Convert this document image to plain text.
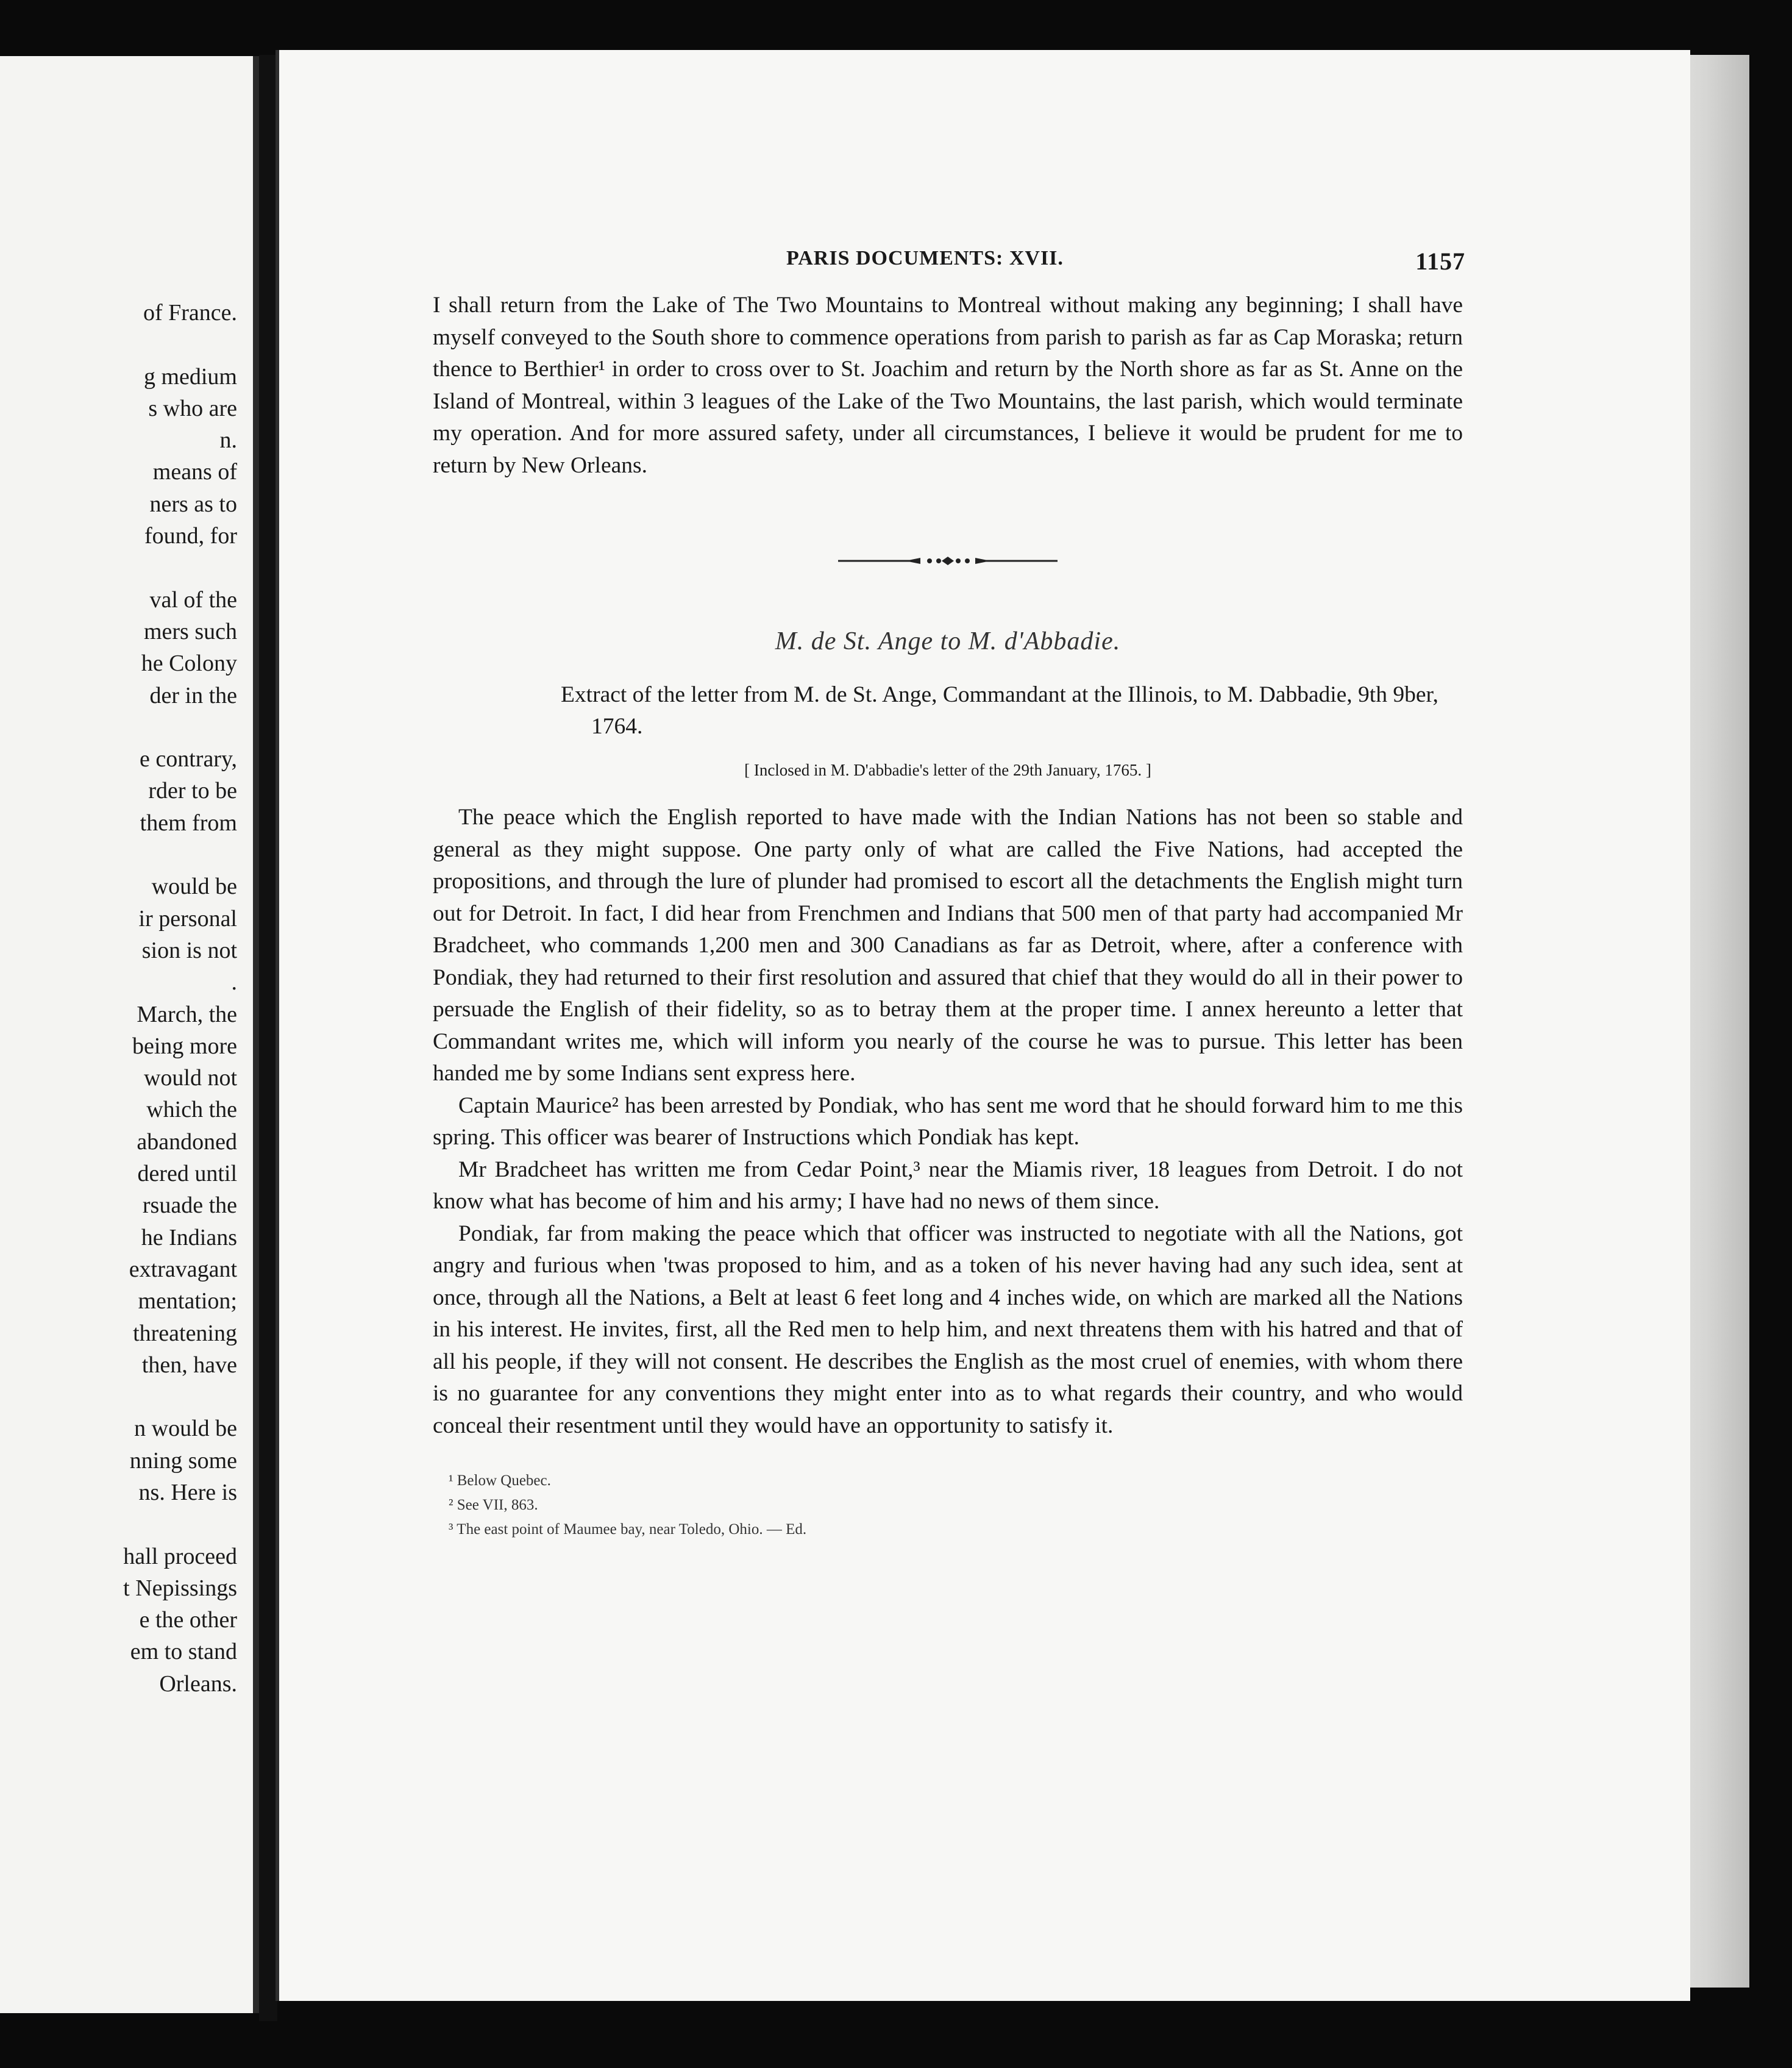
of France.
g medium
s who are
n.
means of
ners as to
found, for
val of the
mers such
he Colony
der in the
e contrary,
rder to be
them from
would be
ir personal
sion is not
.
March, the
being more
would not
which the
abandoned
dered until
rsuade the
he Indians
extravagant
mentation;
threatening
then, have
n would be
nning some
ns. Here is
hall proceed
t Nepissings
e the other
em to stand
Orleans.
PARIS DOCUMENTS: XVII.	1157

I shall return from the Lake of The Two Mountains to Montreal without making any beginning; I shall have myself conveyed to the South shore to commence operations from parish to parish as far as Cap Moraska; return thence to Berthier¹ in order to cross over to St. Joachim and return by the North shore as far as St. Anne on the Island of Montreal, within 3 leagues of the Lake of the Two Mountains, the last parish, which would terminate my operation. And for more assured safety, under all circumstances, I believe it would be prudent for me to return by New Orleans.

M. de St. Ange to M. d'Abbadie.
Extract of the letter from M. de St. Ange, Commandant at the Illinois, to M. Dabbadie, 9th 9ber, 1764.
[ Inclosed in M. D'abbadie's letter of the 29th January, 1765. ]

The peace which the English reported to have made with the Indian Nations has not been so stable and general as they might suppose. One party only of what are called the Five Nations, had accepted the propositions, and through the lure of plunder had promised to escort all the detachments the English might turn out for Detroit. In fact, I did hear from Frenchmen and Indians that 500 men of that party had accompanied Mr Bradcheet, who commands 1,200 men and 300 Canadians as far as Detroit, where, after a conference with Pondiak, they had returned to their first resolution and assured that chief that they would do all in their power to persuade the English of their fidelity, so as to betray them at the proper time. I annex hereunto a letter that Commandant writes me, which will inform you nearly of the course he was to pursue. This letter has been handed me by some Indians sent express here.

Captain Maurice² has been arrested by Pondiak, who has sent me word that he should forward him to me this spring. This officer was bearer of Instructions which Pondiak has kept.

Mr Bradcheet has written me from Cedar Point,³ near the Miamis river, 18 leagues from Detroit. I do not know what has become of him and his army; I have had no news of them since.

Pondiak, far from making the peace which that officer was instructed to negotiate with all the Nations, got angry and furious when 'twas proposed to him, and as a token of his never having had any such idea, sent at once, through all the Nations, a Belt at least 6 feet long and 4 inches wide, on which are marked all the Nations in his interest. He invites, first, all the Red men to help him, and next threatens them with his hatred and that of all his people, if they will not consent. He describes the English as the most cruel of enemies, with whom there is no guarantee for any conventions they might enter into as to what regards their country, and who would conceal their resentment until they would have an opportunity to satisfy it.

¹ Below Quebec.
² See VII, 863.
³ The east point of Maumee bay, near Toledo, Ohio. — Ed.
